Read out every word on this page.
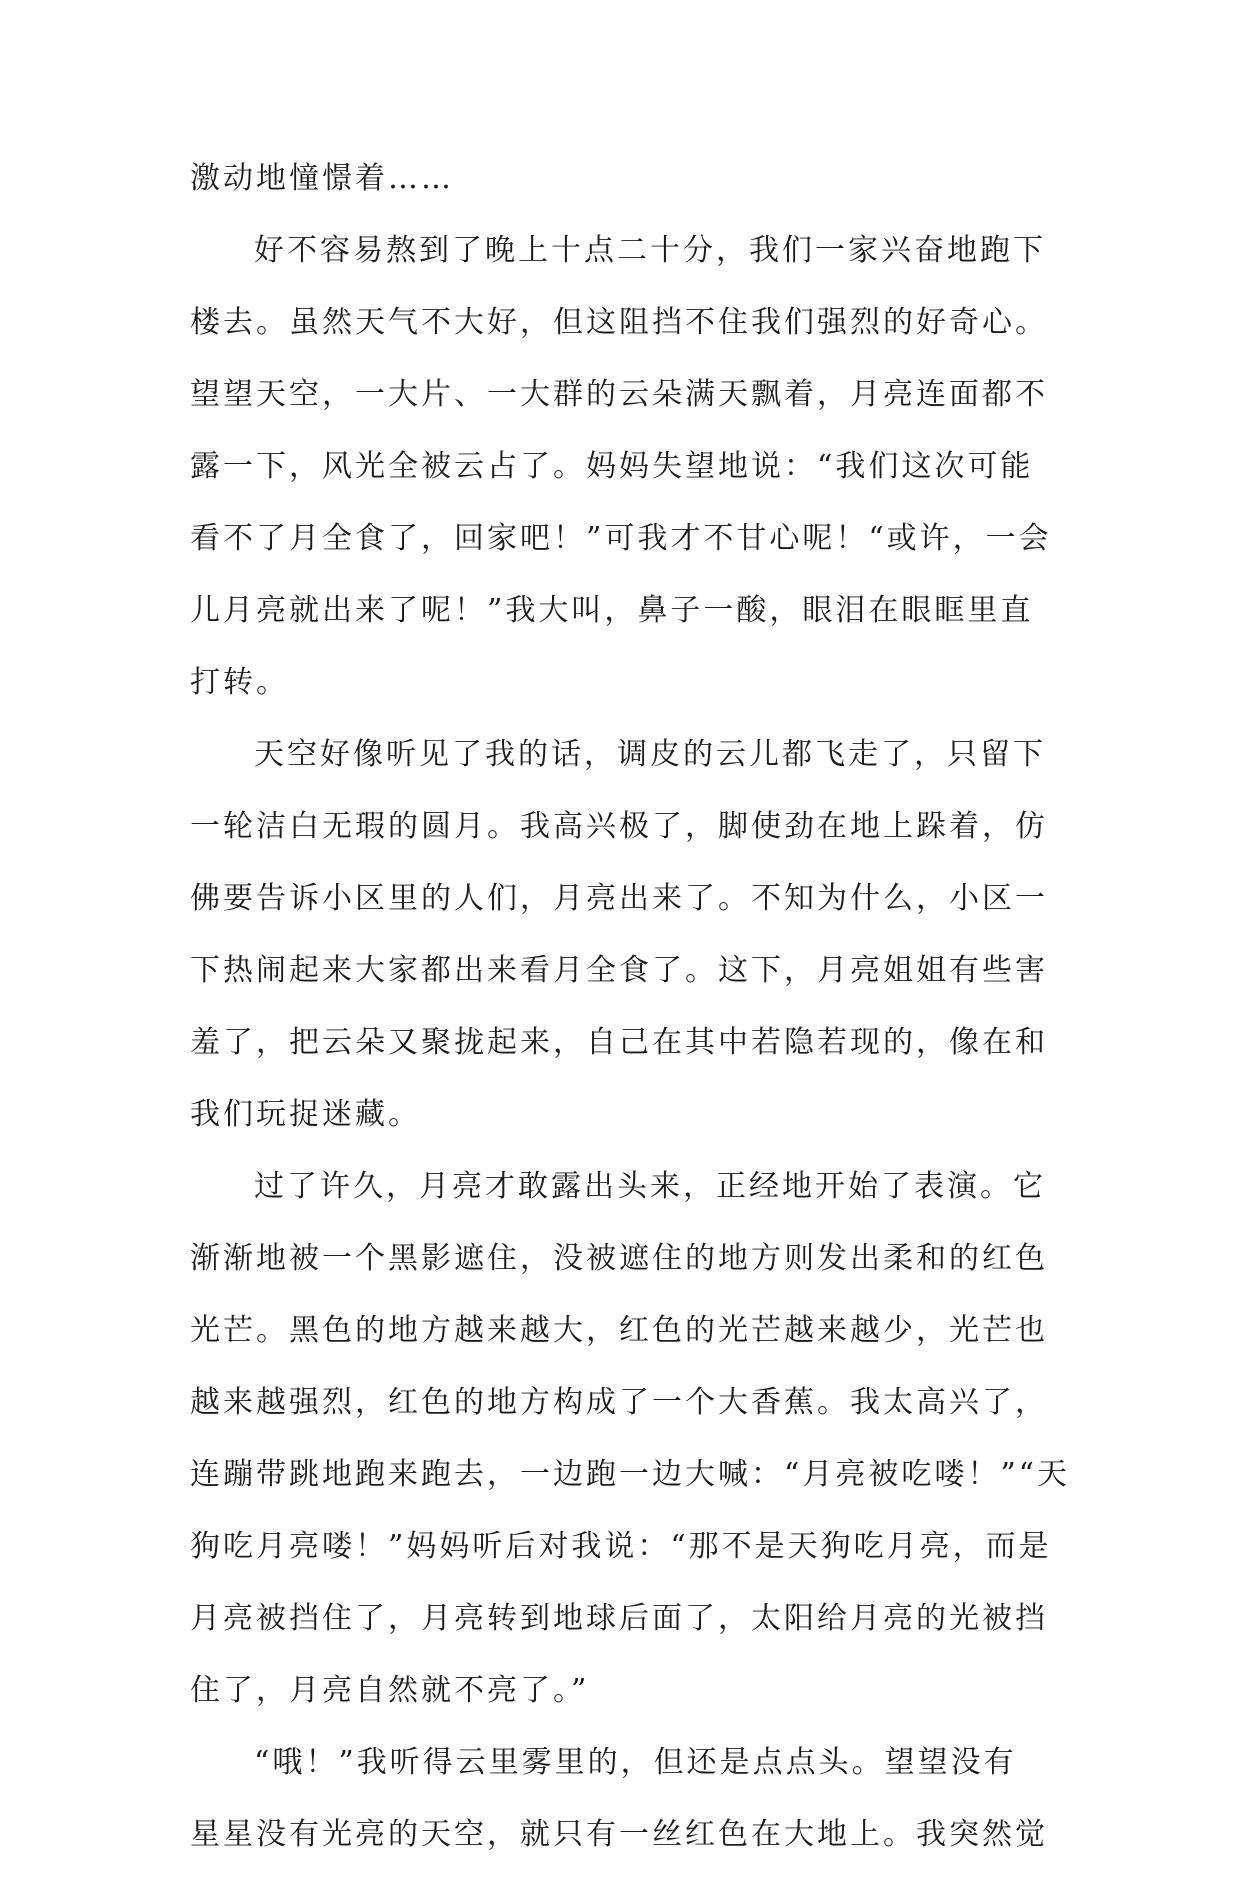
激动地憧憬着……
好不容易熬到了晚上十点二十分，我们一家兴奋地跑下
楼去。虽然天气不大好，但这阻挡不住我们强烈的好奇心。
望望天空，一大片、一大群的云朵满天飘着，月亮连面都不
露一下，风光全被云占了。妈妈失望地说：“我们这次可能
看不了月全食了，回家吧！”可我才不甘心呢！“或许，一会
儿月亮就出来了呢！”我大叫，鼻子一酸，眼泪在眼眶里直
打转。
天空好像听见了我的话，调皮的云儿都飞走了，只留下
一轮洁白无瑕的圆月。我高兴极了，脚使劲在地上跺着，仿
佛要告诉小区里的人们，月亮出来了。不知为什么，小区一
下热闹起来大家都出来看月全食了。这下，月亮姐姐有些害
羞了，把云朵又聚拢起来，自己在其中若隐若现的，像在和
我们玩捉迷藏。
过了许久，月亮才敢露出头来，正经地开始了表演。它
渐渐地被一个黑影遮住，没被遮住的地方则发出柔和的红色
光芒。黑色的地方越来越大，红色的光芒越来越少，光芒也
越来越强烈，红色的地方构成了一个大香蕉。我太高兴了，
连蹦带跳地跑来跑去，一边跑一边大喊：“月亮被吃喽！”“天
狗吃月亮喽！”妈妈听后对我说：“那不是天狗吃月亮，而是
月亮被挡住了，月亮转到地球后面了，太阳给月亮的光被挡
住了，月亮自然就不亮了。”
“哦！”我听得云里雾里的，但还是点点头。望望没有
星星没有光亮的天空，就只有一丝红色在大地上。我突然觉
